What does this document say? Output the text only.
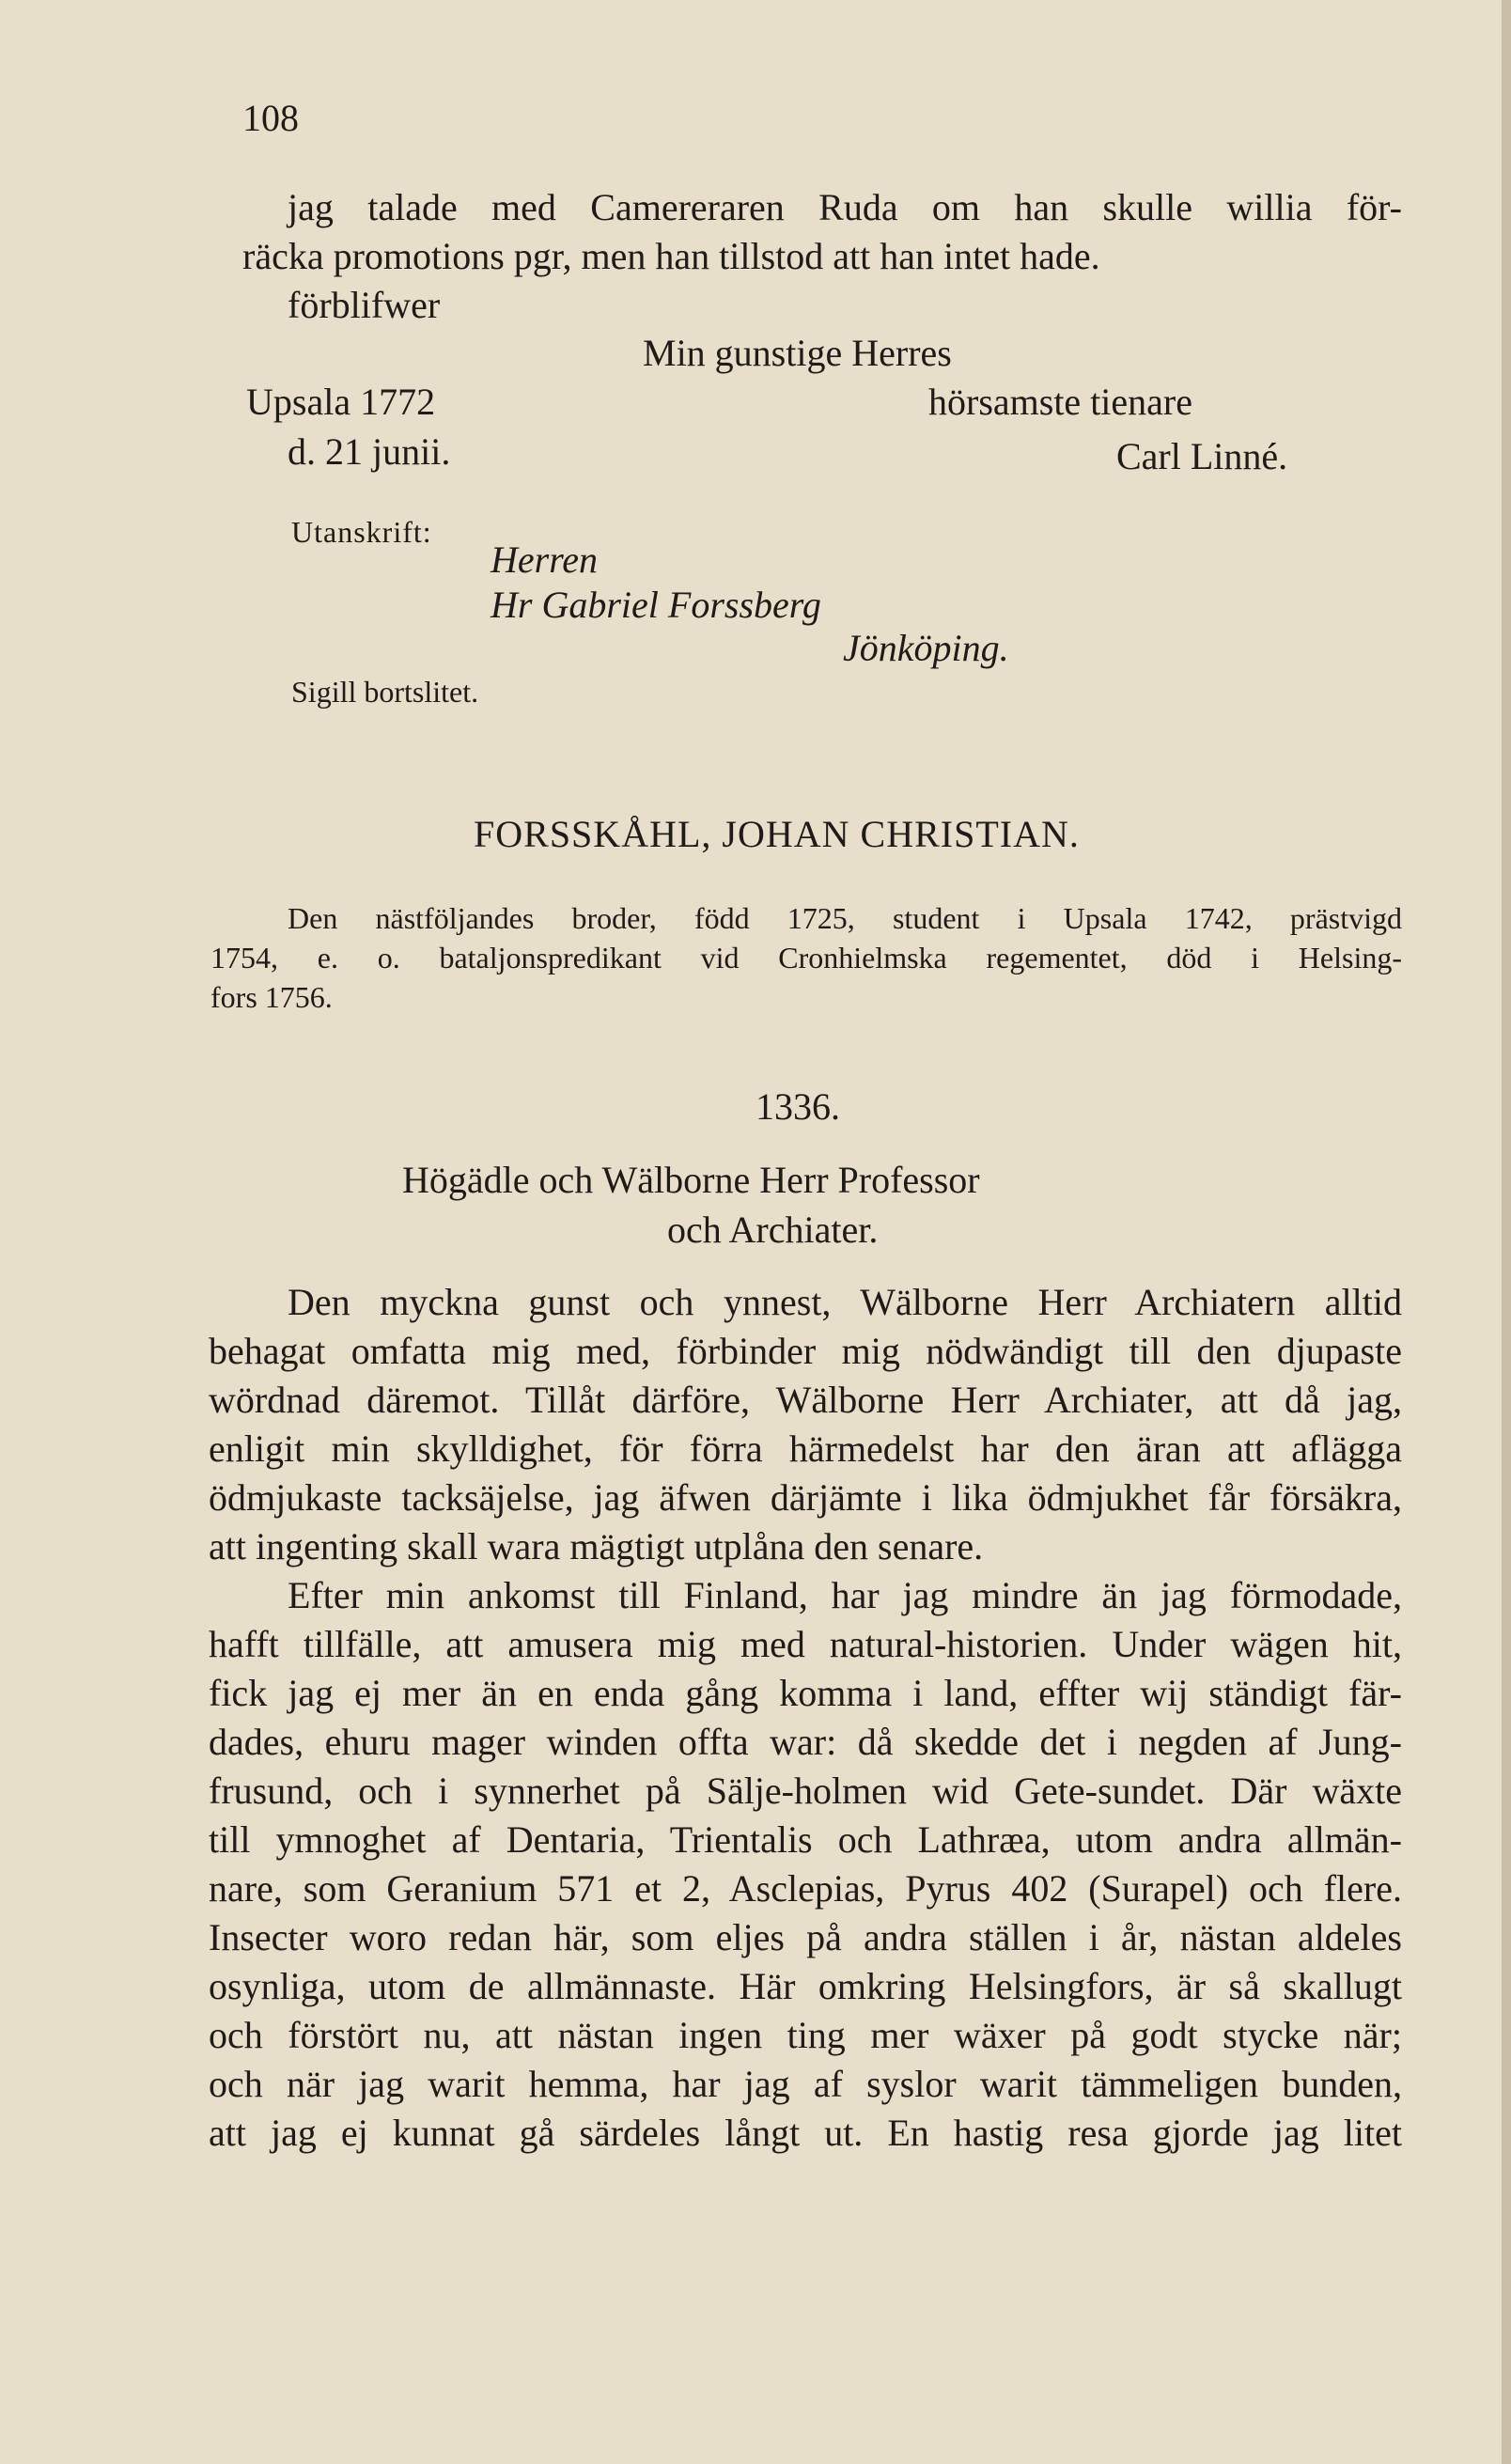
108
jag talade med Camereraren Ruda om han skulle willia för-
räcka promotions pgr, men han tillstod att han intet hade.
förblifwer
Min gunstige Herres
Upsala 1772	hörsamste tienare
d. 21 junii.	Carl Linné.
Utanskrift:
Herren
Hr Gabriel Forssberg
Jönköping.
Sigill bortslitet.
FORSSKÅHL, JOHAN CHRISTIAN.
Den nästföljandes broder, född 1725, student i Upsala 1742, prästvigd
1754, e. o. bataljonspredikant vid Cronhielmska regementet, död i Helsing-
fors 1756.
1336.
Högädle och Wälborne Herr Professor
och Archiater.
Den myckna gunst och ynnest, Wälborne Herr Archiatern alltid
behagat omfatta mig med, förbinder mig nödwändigt till den djupaste
wördnad däremot. Tillåt därföre, Wälborne Herr Archiater, att då jag,
enligit min skylldighet, för förra härmedelst har den äran att aflägga
ödmjukaste tacksäjelse, jag äfwen därjämte i lika ödmjukhet får försäkra,
att ingenting skall wara mägtigt utplåna den senare.
Efter min ankomst till Finland, har jag mindre än jag förmodade,
hafft tillfälle, att amusera mig med natural-historien. Under wägen hit,
fick jag ej mer än en enda gång komma i land, effter wij ständigt fär-
dades, ehuru mager winden offta war: då skedde det i negden af Jung-
frusund, och i synnerhet på Sälje-holmen wid Gete-sundet. Där wäxte
till ymnoghet af Dentaria, Trientalis och Lathræa, utom andra allmän-
nare, som Geranium 571 et 2, Asclepias, Pyrus 402 (Surapel) och flere.
Insecter woro redan här, som eljes på andra ställen i år, nästan aldeles
osynliga, utom de allmännaste. Här omkring Helsingfors, är så skallugt
och förstört nu, att nästan ingen ting mer wäxer på godt stycke när;
och när jag warit hemma, har jag af syslor warit tämmeligen bunden,
att jag ej kunnat gå särdeles långt ut. En hastig resa gjorde jag litet
